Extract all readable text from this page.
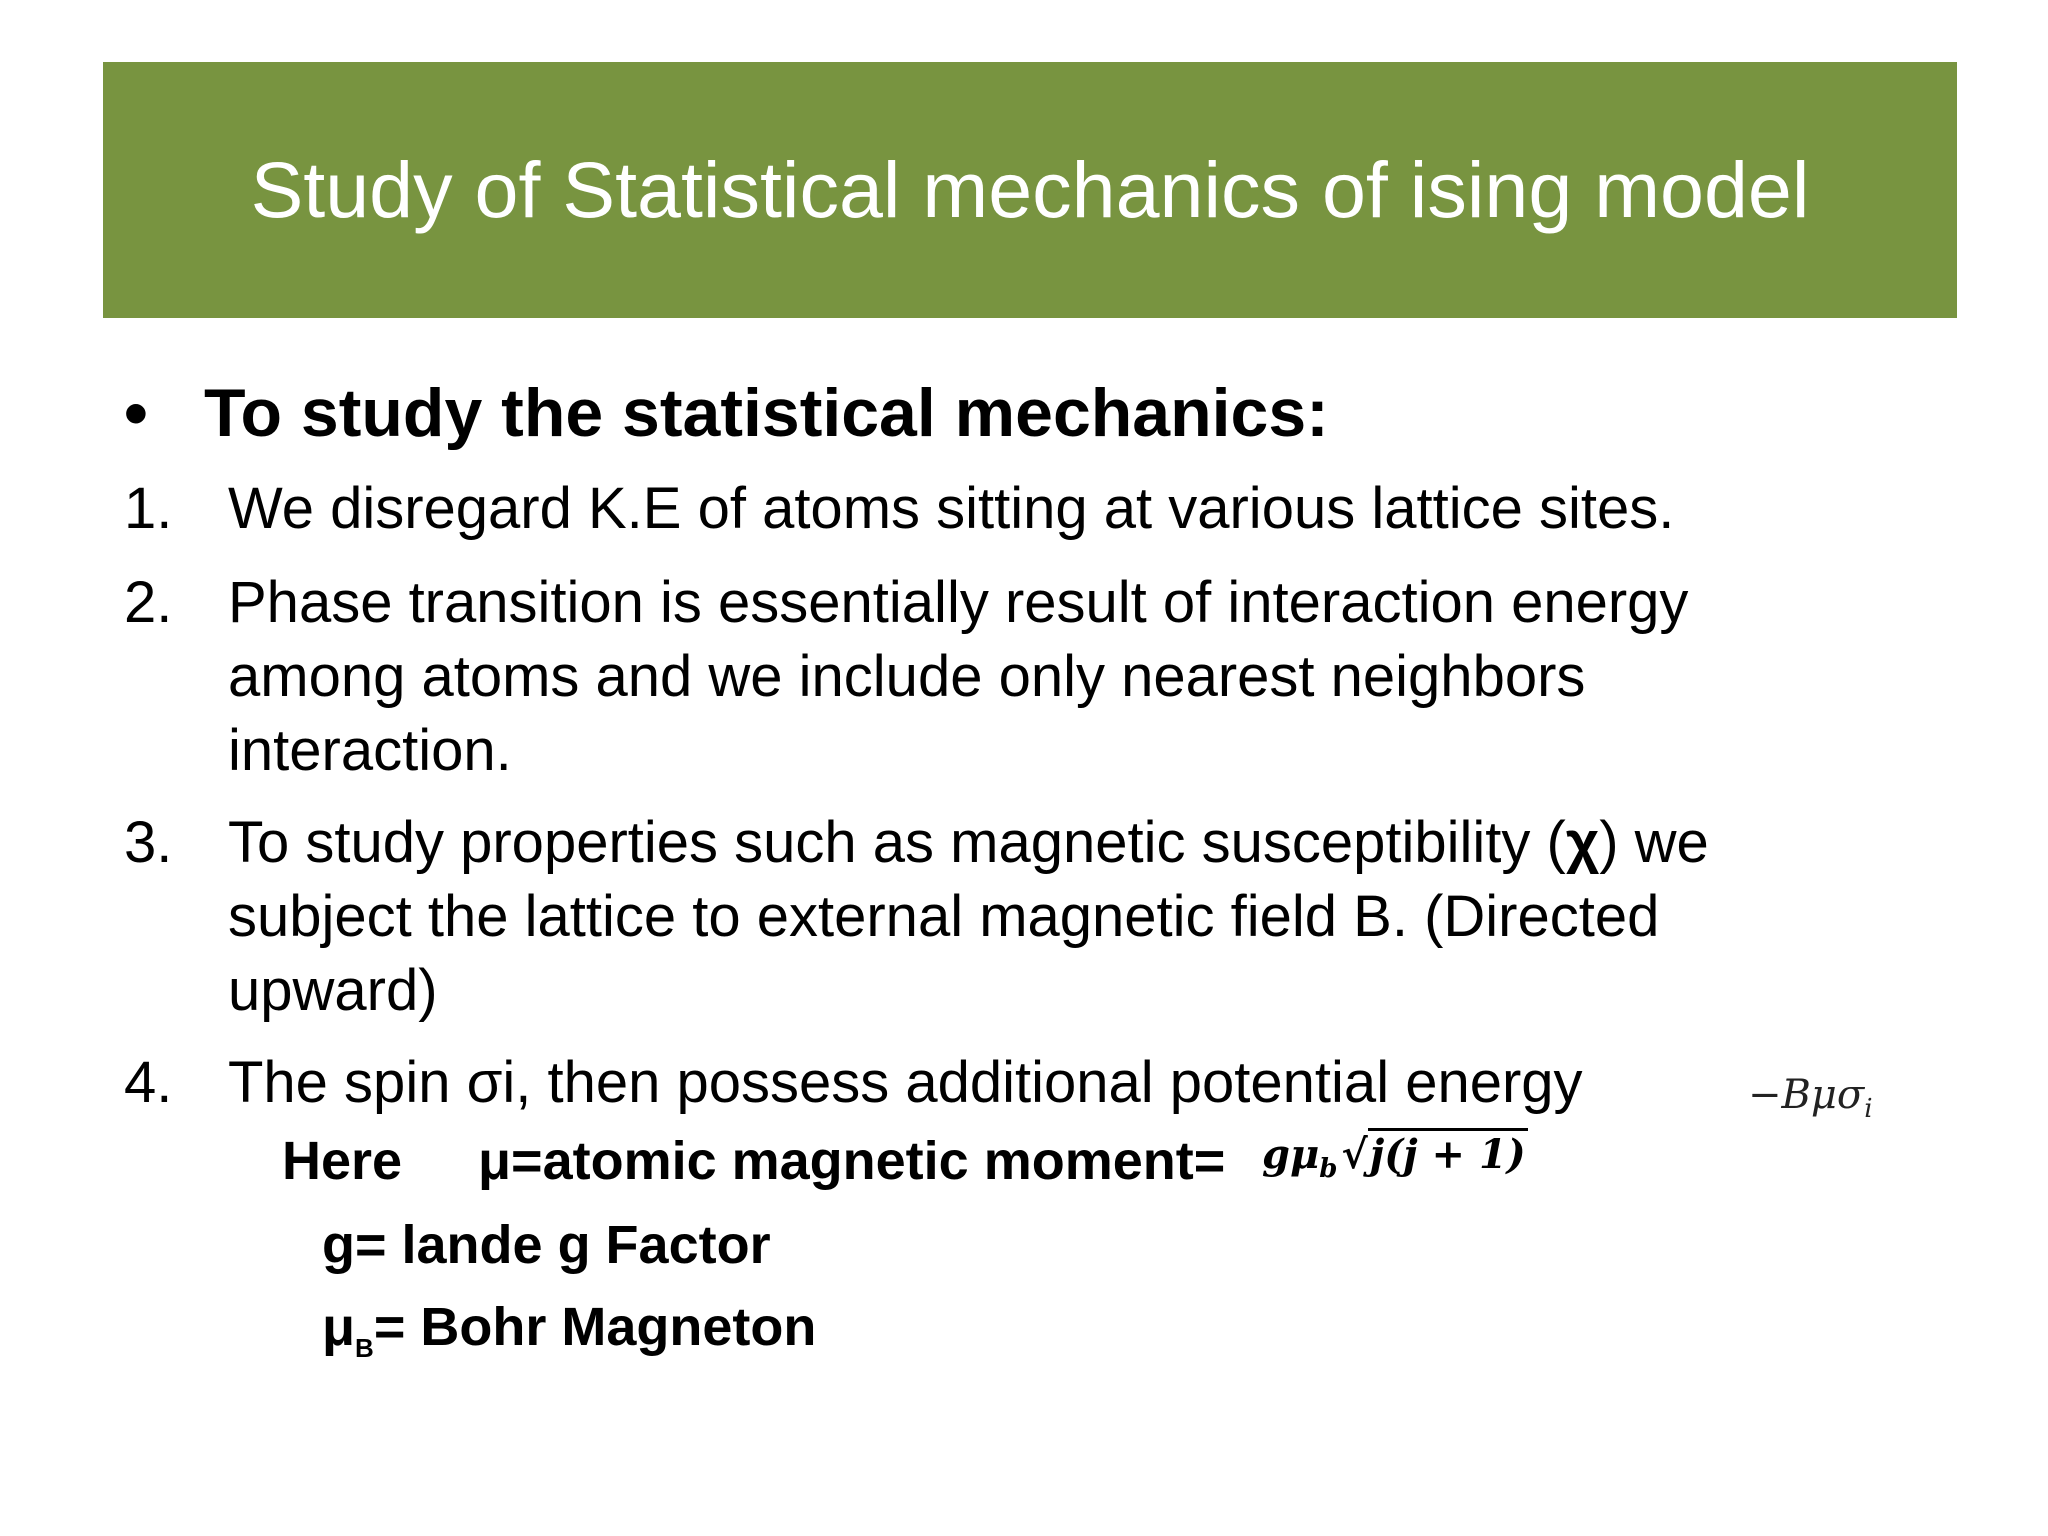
Study of Statistical mechanics of ising model
• To study the statistical mechanics:
1. We disregard K.E of atoms sitting at various lattice sites.
2. Phase transition is essentially result of interaction energy
among atoms and we include only nearest neighbors
interaction.
3. To study properties such as magnetic susceptibility (χ) we
subject the lattice to external magnetic field B. (Directed
upward)
4. The spin σi, then possess additional potential energy	−Bμσ$_i$
Here μ=atomic magnetic moment= $g\mu_b$ √j(j + 1)
g= lande g Factor
$\mu_B=$ Bohr Magneton
